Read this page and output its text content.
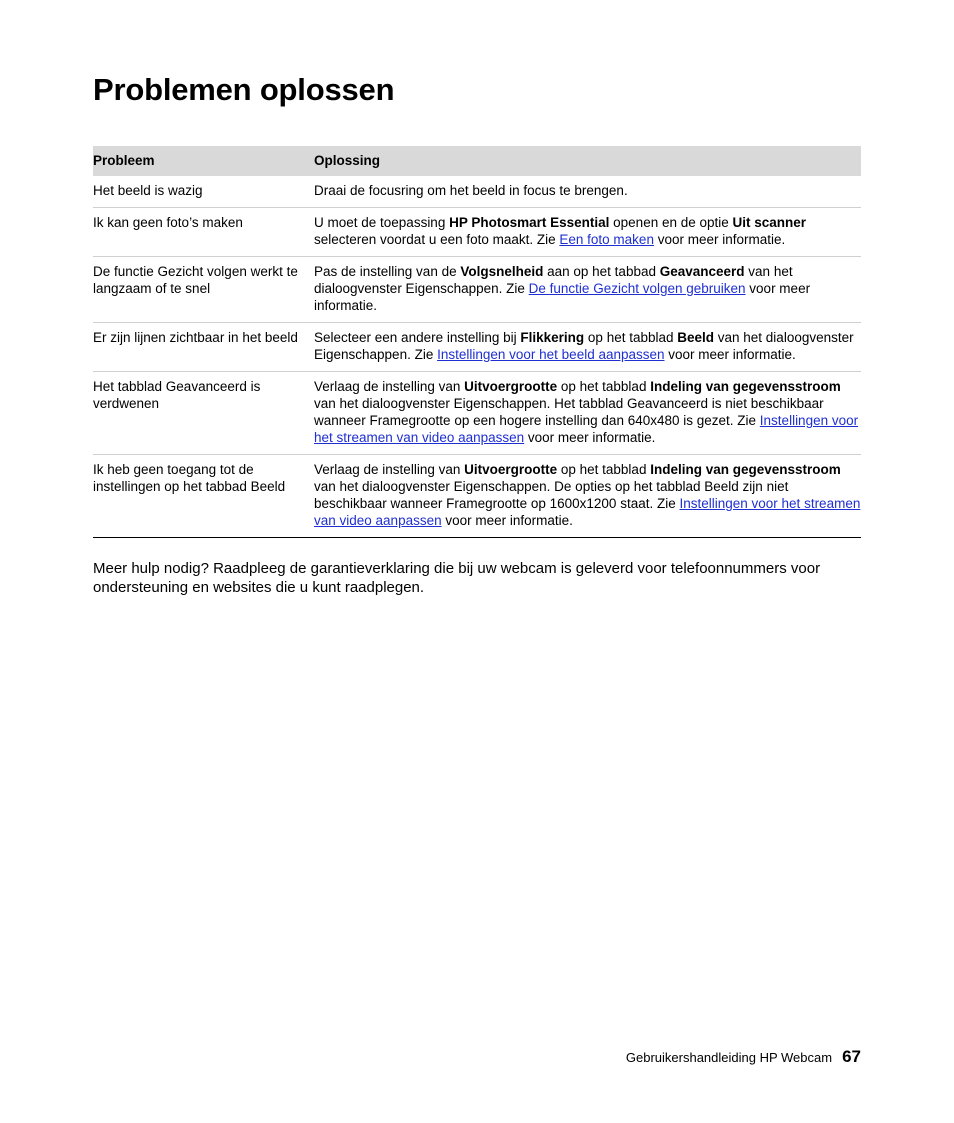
Problemen oplossen
Probleem	Oplossing
Het beeld is wazig	Draai de focusring om het beeld in focus te brengen.
Ik kan geen foto’s maken	U moet de toepassing HP Photosmart Essential openen en de optie Uit scanner selecteren voordat u een foto maakt. Zie Een foto maken voor meer informatie.
De functie Gezicht volgen werkt te langzaam of te snel	Pas de instelling van de Volgsnelheid aan op het tabbad Geavanceerd van het dialoogvenster Eigenschappen. Zie De functie Gezicht volgen gebruiken voor meer informatie.
Er zijn lijnen zichtbaar in het beeld	Selecteer een andere instelling bij Flikkering op het tabblad Beeld van het dialoogvenster Eigenschappen. Zie Instellingen voor het beeld aanpassen voor meer informatie.
Het tabblad Geavanceerd is verdwenen	Verlaag de instelling van Uitvoergrootte op het tabblad Indeling van gegevensstroom van het dialoogvenster Eigenschappen. Het tabblad Geavanceerd is niet beschikbaar wanneer Framegrootte op een hogere instelling dan 640x480 is gezet. Zie Instellingen voor het streamen van video aanpassen voor meer informatie.
Ik heb geen toegang tot de instellingen op het tabbad Beeld	Verlaag de instelling van Uitvoergrootte op het tabblad Indeling van gegevensstroom van het dialoogvenster Eigenschappen. De opties op het tabblad Beeld zijn niet beschikbaar wanneer Framegrootte op 1600x1200 staat. Zie Instellingen voor het streamen van video aanpassen voor meer informatie.

Meer hulp nodig? Raadpleeg de garantieverklaring die bij uw webcam is geleverd voor telefoonnummers voor ondersteuning en websites die u kunt raadplegen.

Gebruikershandleiding HP Webcam 67
